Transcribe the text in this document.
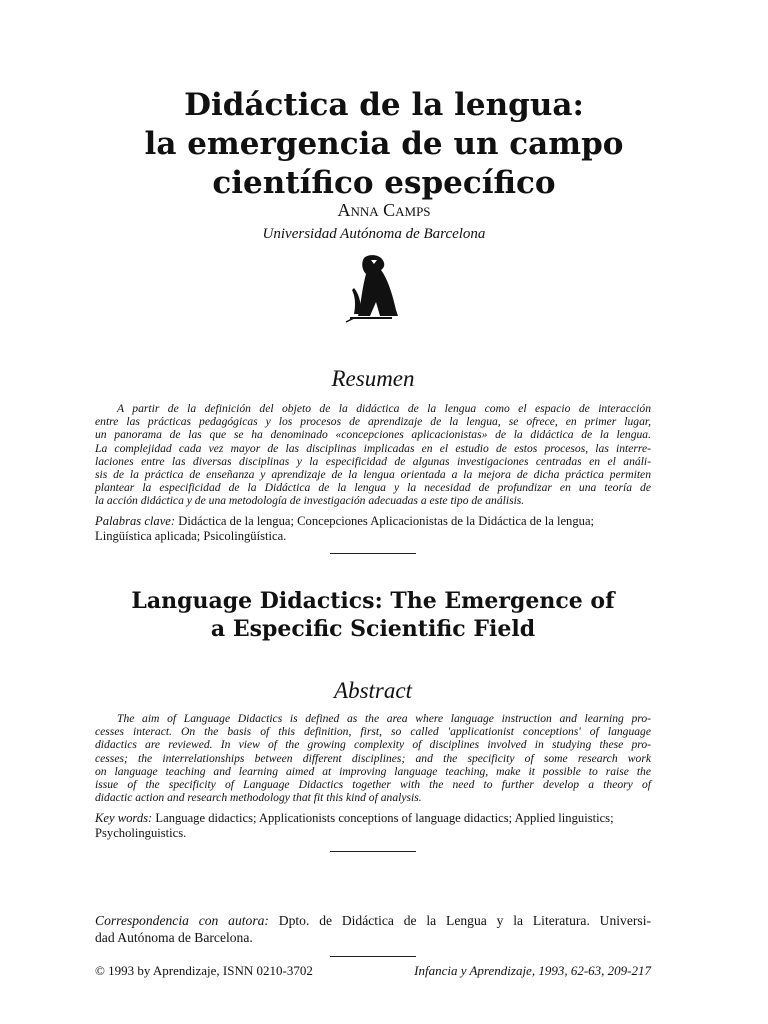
Didáctica de la lengua:
la emergencia de un campo
científico específico
Anna Camps
Universidad Autónoma de Barcelona
Resumen
A partir de la definición del objeto de la didáctica de la lengua como el espacio de interacción
entre las prácticas pedagógicas y los procesos de aprendizaje de la lengua, se ofrece, en primer lugar,
un panorama de las que se ha denominado «concepciones aplicacionistas» de la didáctica de la lengua.
La complejidad cada vez mayor de las disciplinas implicadas en el estudio de estos procesos, las interre-
laciones entre las diversas disciplinas y la especificidad de algunas investigaciones centradas en el análi-
sis de la práctica de enseñanza y aprendizaje de la lengua orientada a la mejora de dicha práctica permiten
plantear la especificidad de la Didáctica de la lengua y la necesidad de profundizar en una teoría de
la acción didáctica y de una metodología de investigación adecuadas a este tipo de análisis.
Palabras clave: Didáctica de la lengua; Concepciones Aplicacionistas de la Didáctica de la lengua;
Lingüística aplicada; Psicolingüística.
Language Didactics: The Emergence of
a Especific Scientific Field
Abstract
The aim of Language Didactics is defined as the area where language instruction and learning pro-
cesses interact. On the basis of this definition, first, so called 'applicationist conceptions' of language
didactics are reviewed. In view of the growing complexity of disciplines involved in studying these pro-
cesses; the interrelationships between different disciplines; and the specificity of some research work
on language teaching and learning aimed at improving language teaching, make it possible to raise the
issue of the specificity of Language Didactics together with the need to further develop a theory of
didactic action and research methodology that fit this kind of analysis.
Key words: Language didactics; Applicationists conceptions of language didactics; Applied linguistics;
Psycholinguistics.
Correspondencia con autora: Dpto. de Didáctica de la Lengua y la Literatura. Universi-
dad Autónoma de Barcelona.
© 1993 by Aprendizaje, ISNN 0210-3702	Infancia y Aprendizaje, 1993, 62-63, 209-217
